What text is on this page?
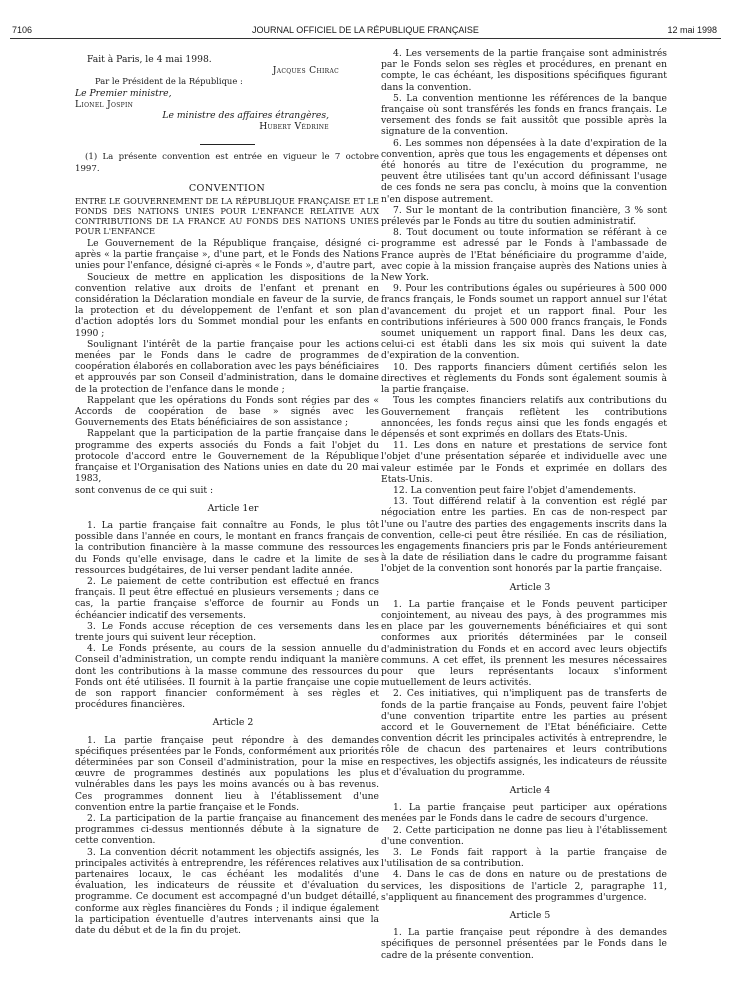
7106	JOURNAL OFFICIEL DE LA RÉPUBLIQUE FRANÇAISE	12 mai 1998

Fait à Paris, le 4 mai 1998.

Jacques Chirac

Par le Président de la République :

Le Premier ministre,

Lionel Jospin

Le ministre des affaires étrangères,

Hubert Védrine

(1) La présente convention est entrée en vigueur le 7 octobre 1997.

CONVENTION

ENTRE LE GOUVERNEMENT DE LA RÉPUBLIQUE FRANÇAISE ET LE FONDS DES NATIONS UNIES POUR L'ENFANCE RELATIVE AUX CONTRIBUTIONS DE LA FRANCE AU FONDS DES NATIONS UNIES POUR L'ENFANCE

Le Gouvernement de la République française, désigné ci-après « la partie française », d'une part, et le Fonds des Nations unies pour l'enfance, désigné ci-après « le Fonds », d'autre part,

Soucieux de mettre en application les dispositions de la convention relative aux droits de l'enfant et prenant en considération la Déclaration mondiale en faveur de la survie, de la protection et du développement de l'enfant et son plan d'action adoptés lors du Sommet mondial pour les enfants en 1990 ;

Soulignant l'intérêt de la partie française pour les actions menées par le Fonds dans le cadre de programmes de coopération élaborés en collaboration avec les pays bénéficiaires et approuvés par son Conseil d'administration, dans le domaine de la protection de l'enfance dans le monde ;

Rappelant que les opérations du Fonds sont régies par des « Accords de coopération de base » signés avec les Gouvernements des Etats bénéficiaires de son assistance ;

Rappelant que la participation de la partie française dans le programme des experts associés du Fonds a fait l'objet du protocole d'accord entre le Gouvernement de la République française et l'Organisation des Nations unies en date du 20 mai 1983,

sont convenus de ce qui suit :

Article 1er

1. La partie française fait connaître au Fonds, le plus tôt possible dans l'année en cours, le montant en francs français de la contribution financière à la masse commune des ressources du Fonds qu'elle envisage, dans le cadre et la limite de ses ressources budgétaires, de lui verser pendant ladite année.

2. Le paiement de cette contribution est effectué en francs français. Il peut être effectué en plusieurs versements ; dans ce cas, la partie française s'efforce de fournir au Fonds un échéancier indicatif des versements.

3. Le Fonds accuse réception de ces versements dans les trente jours qui suivent leur réception.

4. Le Fonds présente, au cours de la session annuelle du Conseil d'administration, un compte rendu indiquant la manière dont les contributions à la masse commune des ressources du Fonds ont été utilisées. Il fournit à la partie française une copie de son rapport financier conformément à ses règles et procédures financières.

Article 2

1. La partie française peut répondre à des demandes spécifiques présentées par le Fonds, conformément aux priorités déterminées par son Conseil d'administration, pour la mise en œuvre de programmes destinés aux populations les plus vulnérables dans les pays les moins avancés ou à bas revenus. Ces programmes donnent lieu à l'établissement d'une convention entre la partie française et le Fonds.

2. La participation de la partie française au financement des programmes ci-dessus mentionnés débute à la signature de cette convention.

3. La convention décrit notamment les objectifs assignés, les principales activités à entreprendre, les références relatives aux partenaires locaux, le cas échéant les modalités d'une évaluation, les indicateurs de réussite et d'évaluation du programme. Ce document est accompagné d'un budget détaillé, conforme aux règles financières du Fonds ; il indique également la participation éventuelle d'autres intervenants ainsi que la date du début et de la fin du projet.

4. Les versements de la partie française sont administrés par le Fonds selon ses règles et procédures, en prenant en compte, le cas échéant, les dispositions spécifiques figurant dans la convention.

5. La convention mentionne les références de la banque française où sont transférés les fonds en francs français. Le versement des fonds se fait aussitôt que possible après la signature de la convention.

6. Les sommes non dépensées à la date d'expiration de la convention, après que tous les engagements et dépenses ont été honorés au titre de l'exécution du programme, ne peuvent être utilisées tant qu'un accord définissant l'usage de ces fonds ne sera pas conclu, à moins que la convention n'en dispose autrement.

7. Sur le montant de la contribution financière, 3 % sont prélevés par le Fonds au titre du soutien administratif.

8. Tout document ou toute information se référant à ce programme est adressé par le Fonds à l'ambassade de France auprès de l'Etat bénéficiaire du programme d'aide, avec copie à la mission française auprès des Nations unies à New York.

9. Pour les contributions égales ou supérieures à 500 000 francs français, le Fonds soumet un rapport annuel sur l'état d'avancement du projet et un rapport final. Pour les contributions inférieures à 500 000 francs français, le Fonds soumet uniquement un rapport final. Dans les deux cas, celui-ci est établi dans les six mois qui suivent la date d'expiration de la convention.

10. Des rapports financiers dûment certifiés selon les directives et règlements du Fonds sont également soumis à la partie française.

Tous les comptes financiers relatifs aux contributions du Gouvernement français reflètent les contributions annoncées, les fonds reçus ainsi que les fonds engagés et dépensés et sont exprimés en dollars des Etats-Unis.

11. Les dons en nature et prestations de service font l'objet d'une présentation séparée et individuelle avec une valeur estimée par le Fonds et exprimée en dollars des Etats-Unis.

12. La convention peut faire l'objet d'amendements.

13. Tout différend relatif à la convention est réglé par négociation entre les parties. En cas de non-respect par l'une ou l'autre des parties des engagements inscrits dans la convention, celle-ci peut être résiliée. En cas de résiliation, les engagements financiers pris par le Fonds antérieurement à la date de résiliation dans le cadre du programme faisant l'objet de la convention sont honorés par la partie française.

Article 3

1. La partie française et le Fonds peuvent participer conjointement, au niveau des pays, à des programmes mis en place par les gouvernements bénéficiaires et qui sont conformes aux priorités déterminées par le conseil d'administration du Fonds et en accord avec leurs objectifs communs. A cet effet, ils prennent les mesures nécessaires pour que leurs représentants locaux s'informent mutuellement de leurs activités.

2. Ces initiatives, qui n'impliquent pas de transferts de fonds de la partie française au Fonds, peuvent faire l'objet d'une convention tripartite entre les parties au présent accord et le Gouvernement de l'Etat bénéficiaire. Cette convention décrit les principales activités à entreprendre, le rôle de chacun des partenaires et leurs contributions respectives, les objectifs assignés, les indicateurs de réussite et d'évaluation du programme.

Article 4

1. La partie française peut participer aux opérations menées par le Fonds dans le cadre de secours d'urgence.

2. Cette participation ne donne pas lieu à l'établissement d'une convention.

3. Le Fonds fait rapport à la partie française de l'utilisation de sa contribution.

4. Dans le cas de dons en nature ou de prestations de services, les dispositions de l'article 2, paragraphe 11, s'appliquent au financement des programmes d'urgence.

Article 5

1. La partie française peut répondre à des demandes spécifiques de personnel présentées par le Fonds dans le cadre de la présente convention.
